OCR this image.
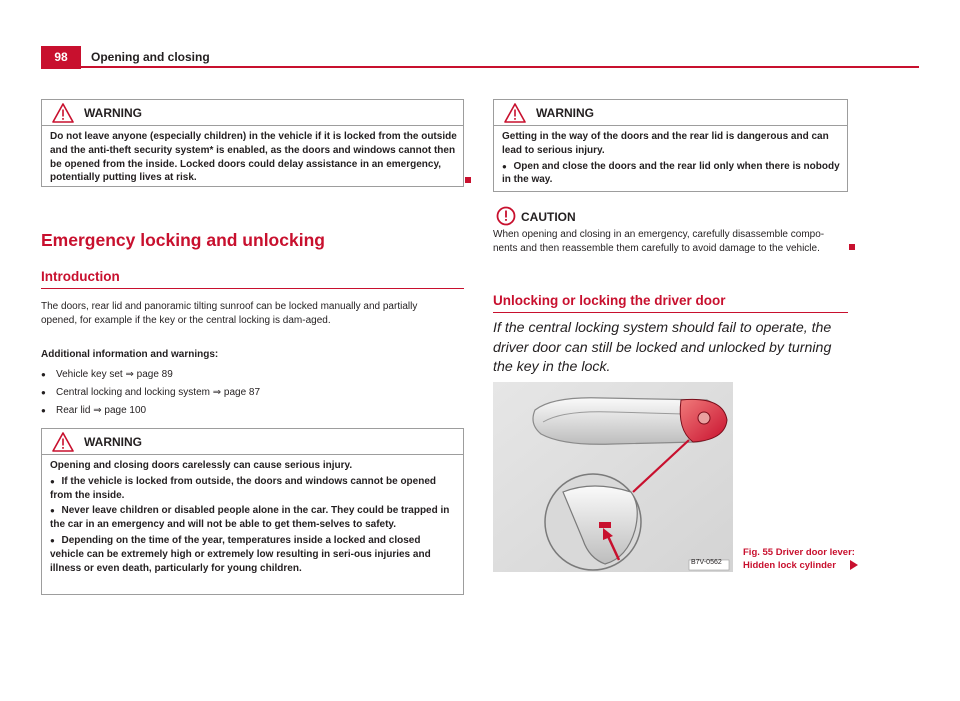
98	Opening and closing
WARNING

Do not leave anyone (especially children) in the vehicle if it is locked from the outside and the anti-theft security system* is enabled, as the doors and windows cannot then be opened from the inside. Locked doors could delay assistance in an emergency, potentially putting lives at risk.

Emergency locking and unlocking
Introduction
The doors, rear lid and panoramic tilting sunroof can be locked manually and partially opened, for example if the key or the central locking is dam-aged.
Additional information and warnings:
● Vehicle key set ⇒ page 89
● Central locking and locking system ⇒ page 87
● Rear lid ⇒ page 100
WARNING

Opening and closing doors carelessly can cause serious injury.

●   If the vehicle is locked from outside, the doors and windows cannot be opened from the inside.

●   Never leave children or disabled people alone in the car. They could be trapped in the car in an emergency and will not be able to get them-selves to safety.

●   Depending on the time of the year, temperatures inside a locked and closed vehicle can be extremely high or extremely low resulting in seri-ous injuries and illness or even death, particularly for young children.

WARNING

Getting in the way of the doors and the rear lid is dangerous and can lead to serious injury.

●   Open and close the doors and the rear lid only when there is nobody in the way.

CAUTION
When opening and closing in an emergency, carefully disassemble compo-nents and then reassemble them carefully to avoid damage to the vehicle.
Unlocking or locking the driver door
If the central locking system should fail to operate, the driver door can still be locked and unlocked by turning the key in the lock.
B7V-0562
Fig. 55 Driver door lever:
Hidden lock cylinder
